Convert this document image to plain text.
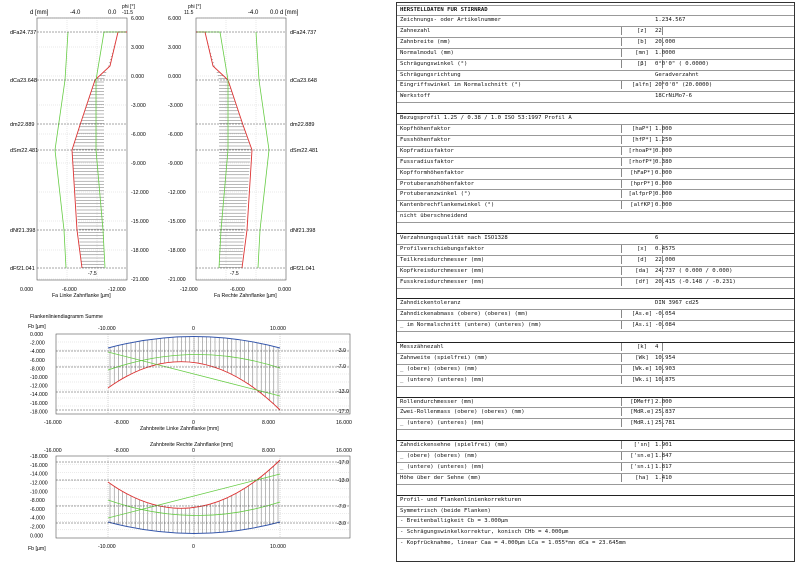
d [mm]	-4.0	0.0
phi [°]
-11.5
dFa24.737
dCa23.648
dm22.889
dSm22.481
dNf21.398
dFf21.041
6.000
3.000
0.000
-3.000
-6.000
-9.000
-12.000
-15.000
-18.000
-21.000
0.000	-6.000	-12.000
Fa Linke Zahnflanke [µm]
-7.5
phi [°]
11.5	-4.0 0.0 d [mm]
dFa24.737
dCa23.648
dm22.889
dSm22.481
dNf21.398
dFf21.041
6.000
3.000
0.000
-3.000
-6.000
-9.000
-12.000
-15.000
-18.000
-21.000
-12.000	-6.000	0.000
Fa Rechte Zahnflanke [µm]
-7.5
Flankenliniendiagramm Summe
Fb [µm]	-10.000	0	10.000
0.000
-2.000
-4.000
-6.000
-8.000
-10.000
-12.000
-14.000
-16.000
-18.000
-3.0
-7.0
-13.0
-17.0
-16.000	-8.000	0	8.000	16.000
Zahnbreite Linke Zahnflanke [mm]
Zahnbreite Rechte Zahnflanke [mm]
-16.000	-8.000	0	8.000	16.000
-18.000
-16.000
-14.000
-12.000
-10.000
-8.000
-6.000
-4.000
-2.000
0.000
-17.0
-13.0
-7.0
-3.0
Fb [µm]	-10.000	0	10.000
HERSTELLDATEN FUR STIRNRAD
Zeichnungs- oder Artikelnummer	1.234.567
Zahnezahl	[z]	22
Zahnbreite (mm)	[b]	20.000
Normalmodul (mm)	[mn]	1.0000
Schrägungswinkel (°)	[β]	0°0'0" ( 0.0000)
Schrägungsrichtung	Geradverzahnt
Eingriffswinkel im Normalschnitt (°)	[alfn] 20°0'0" (20.0000)
Werkstoff	18CrNiMo7-6
Bezugsprofil 1.25 / 0.38 / 1.0 ISO 53:1997 Profil A
Kopfhöhenfaktor	[haP*] 1.000
Fusshöhenfaktor	[hfP*] 1.250
Kopfradiusfaktor	[rhoaP*] 0.000
Fussradiusfaktor	[rhofP*] 0.380
Kopfformhöhenfaktor	[hFaP*] 0.000
Protuberanzhöhenfaktor	[hprP*] 0.000
Protuberanzwinkel (°)	[alfprP] 0.000
Kantenbrechflankenwinkel (°)	[alfKP] 0.000
nicht überschneidend
Verzahnungsqualität nach ISO1328	6
Profilverschiebungsfaktor	[x]	0.4575
Teilkreisdurchmesser (mm)	[d]	22.000
Kopfkreisdurchmesser (mm)	[da]	24.737 ( 0.000 / 0.000)
Fusskreisdurchmesser (mm)	[df]	20.415 (-0.148 / -0.231)
Zahndickentoleranz	DIN 3967 cd25
Zahndickenabmass (obere) (oberes) (mm)	[As.e] -0.054
_ im Normalschnitt (untere) (unteres) (mm)	[As.i] -0.084
Messzähnezahl	[k]	4
Zahnweite (spielfrei) (mm)	[Wk]	10.954
_ (obere) (oberes) (mm)	[Wk.e] 10.903
_ (untere) (unteres) (mm)	[Wk.i] 10.875
Rollendurchmesser (mm)	[DMeff] 2.000
Zwei-Rollenmass (obere) (oberes) (mm)	[MdR.e] 25.837
_ (untere) (unteres) (mm)	[MdR.i] 25.781
Zahndickensehne (spielfrei) (mm)	['sn] 1.901
_ (obere) (oberes) (mm)	['sn.e] 1.847
_ (untere) (unteres) (mm)	['sn.i] 1.817
Höhe über der Sehne (mm)	[ha]	1.410
Profil- und Flankenlinienkorrekturen
Symmetrisch (beide Flanken)
- Breitenballigkeit Cb = 3.000µm
- Schrägungswinkelkorrektur, konisch CHb = 4.000µm
- Kopfrücknahme, linear Caa = 4.000µm LCa = 1.055*mn dCa = 23.645mm
